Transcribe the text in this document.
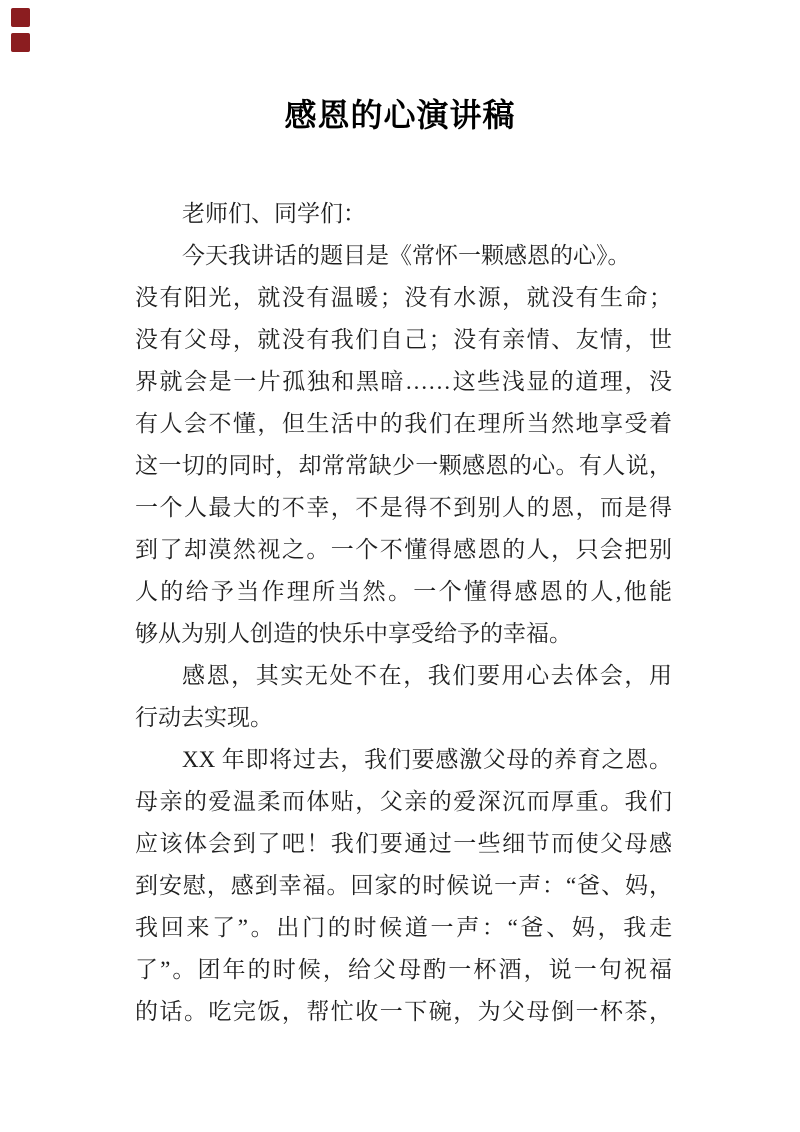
感恩的心演讲稿
老师们、同学们：
今天我讲话的题目是《常怀一颗感恩的心》。
没有阳光，就没有温暖；没有水源，就没有生命；
没有父母，就没有我们自己；没有亲情、友情，世
界就会是一片孤独和黑暗……这些浅显的道理，没
有人会不懂，但生活中的我们在理所当然地享受着
这一切的同时，却常常缺少一颗感恩的心。有人说，
一个人最大的不幸，不是得不到别人的恩，而是得
到了却漠然视之。一个不懂得感恩的人，只会把别
人的给予当作理所当然。一个懂得感恩的人,他能
够从为别人创造的快乐中享受给予的幸福。
感恩，其实无处不在，我们要用心去体会，用
行动去实现。
XX 年即将过去，我们要感激父母的养育之恩。
母亲的爱温柔而体贴，父亲的爱深沉而厚重。我们
应该体会到了吧！我们要通过一些细节而使父母感
到安慰，感到幸福。回家的时候说一声：“爸、妈，
我回来了”。出门的时候道一声：“爸、妈，我走
了”。团年的时候，给父母酌一杯酒，说一句祝福
的话。吃完饭，帮忙收一下碗，为父母倒一杯茶，
